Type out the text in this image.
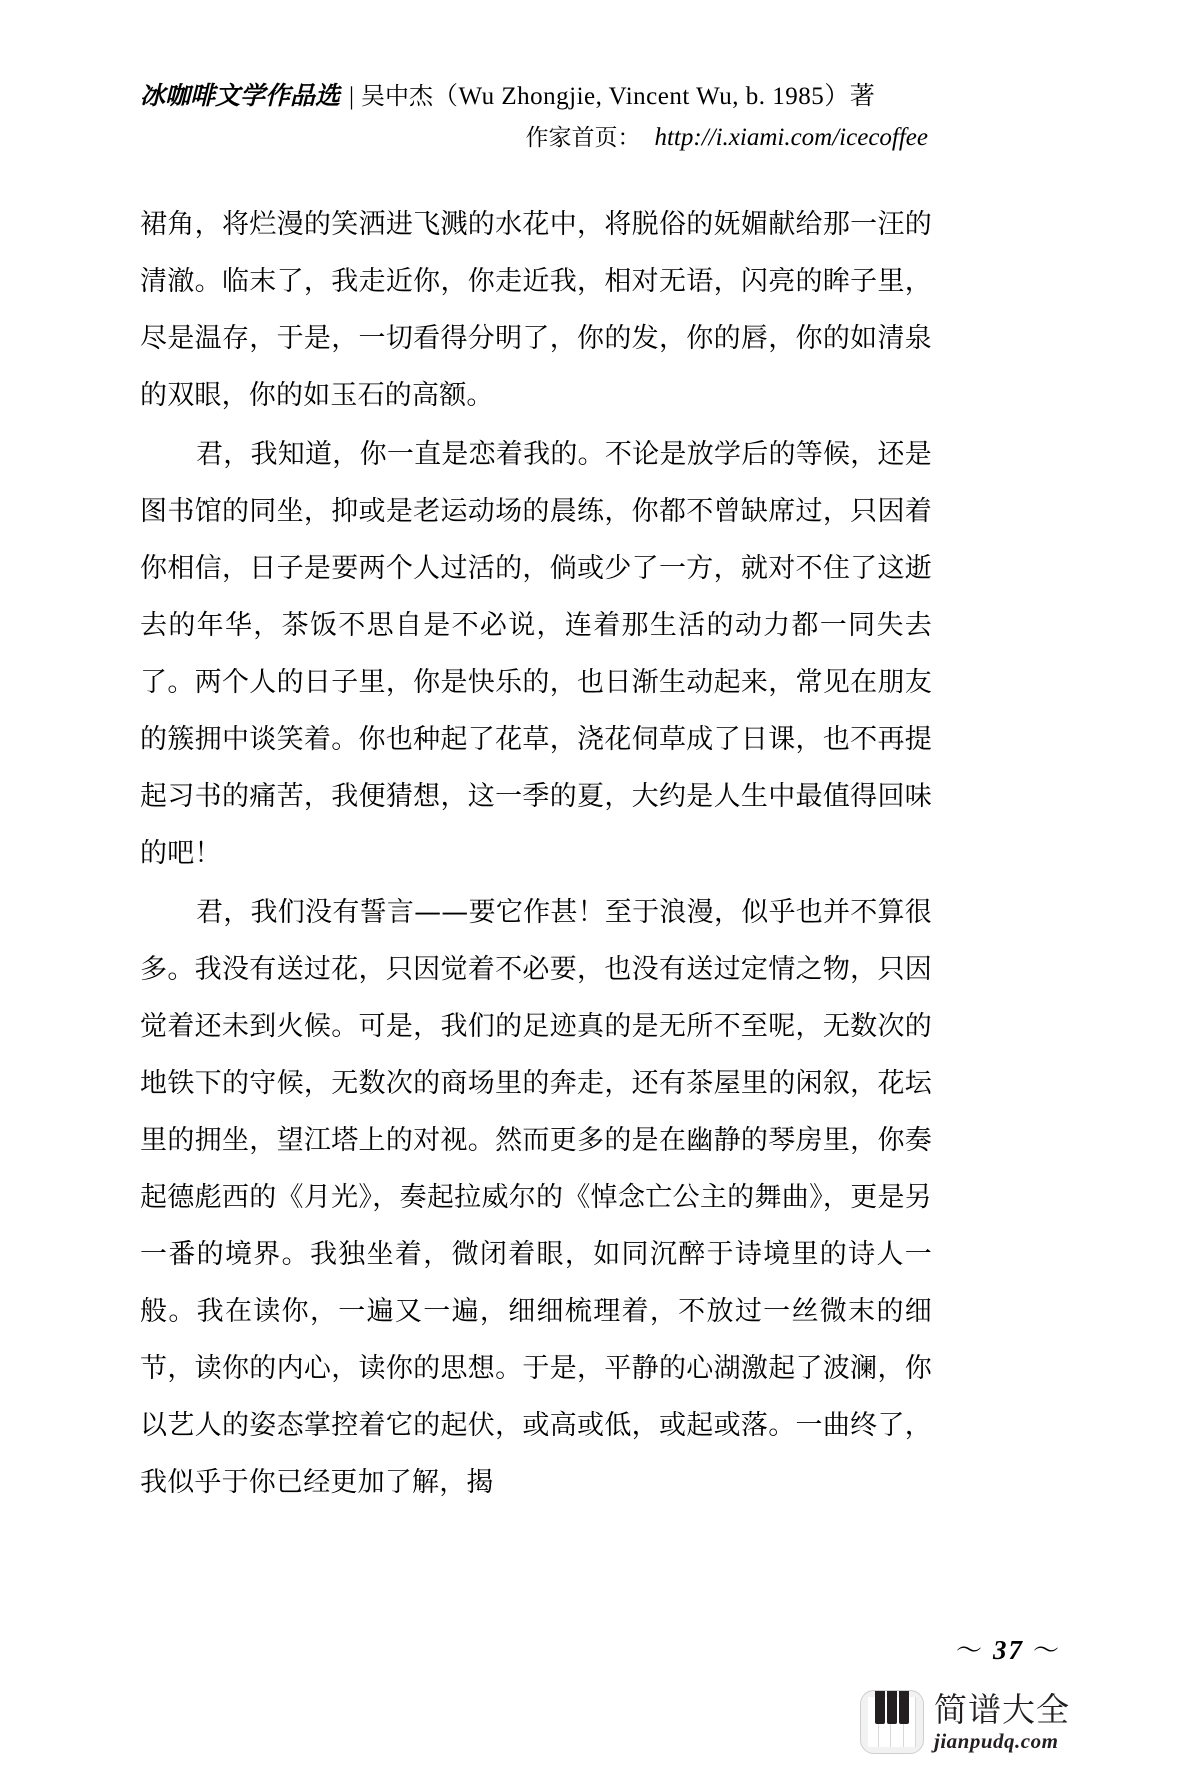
冰咖啡文学作品选 | 吴中杰（Wu Zhongjie, Vincent Wu, b. 1985）著
作家首页： http://i.xiami.com/icecoffee

裙角，将烂漫的笑洒进飞溅的水花中，将脱俗的妩媚献给那一汪的清澈。临末了，我走近你，你走近我，相对无语，闪亮的眸子里，尽是温存，于是，一切看得分明了，你的发，你的唇，你的如清泉的双眼，你的如玉石的高额。

君，我知道，你一直是恋着我的。不论是放学后的等候，还是图书馆的同坐，抑或是老运动场的晨练，你都不曾缺席过，只因着你相信，日子是要两个人过活的，倘或少了一方，就对不住了这逝去的年华，茶饭不思自是不必说，连着那生活的动力都一同失去了。两个人的日子里，你是快乐的，也日渐生动起来，常见在朋友的簇拥中谈笑着。你也种起了花草，浇花伺草成了日课，也不再提起习书的痛苦，我便猜想，这一季的夏，大约是人生中最值得回味的吧！

君，我们没有誓言——要它作甚！至于浪漫，似乎也并不算很多。我没有送过花，只因觉着不必要，也没有送过定情之物，只因觉着还未到火候。可是，我们的足迹真的是无所不至呢，无数次的地铁下的守候，无数次的商场里的奔走，还有茶屋里的闲叙，花坛里的拥坐，望江塔上的对视。然而更多的是在幽静的琴房里，你奏起德彪西的《月光》，奏起拉威尔的《悼念亡公主的舞曲》，更是另一番的境界。我独坐着，微闭着眼，如同沉醉于诗境里的诗人一般。我在读你，一遍又一遍，细细梳理着，不放过一丝微末的细节，读你的内心，读你的思想。于是，平静的心湖激起了波澜，你以艺人的姿态掌控着它的起伏，或高或低，或起或落。一曲终了，我似乎于你已经更加了解，揭

〜 37 〜
简谱大全
jianpudq.com
